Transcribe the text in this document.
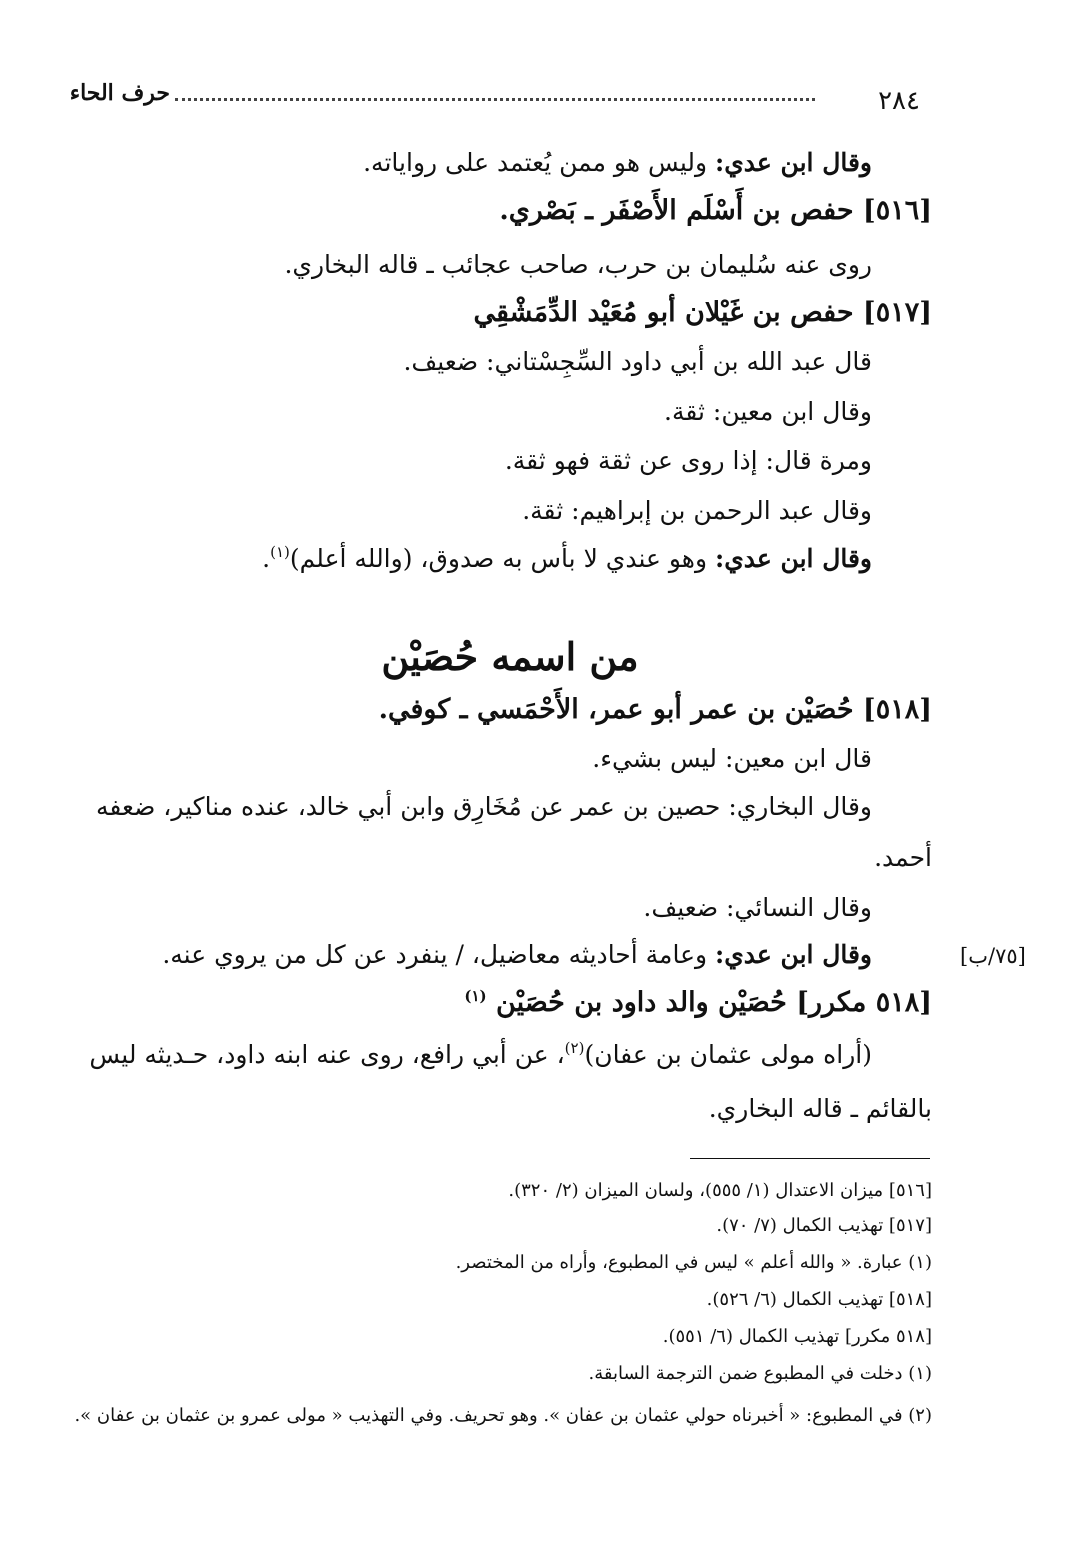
حرف الحاء	٢٨٤
وقال ابن عدي: وليس هو ممن يُعتمد على رواياته.
[٥١٦] حفص بن أَسْلَم الأَصْفَر ـ بَصْري.
روى عنه سُليمان بن حرب، صاحب عجائب ـ قاله البخاري.
[٥١٧] حفص بن غَيْلان أبو مُعَيْد الدِّمَشْقِي
قال عبد الله بن أبي داود السِّجِسْتاني: ضعيف.
وقال ابن معين: ثقة.
ومرة قال: إذا روى عن ثقة فهو ثقة.
وقال عبد الرحمن بن إبراهيم: ثقة.
وقال ابن عدي: وهو عندي لا بأس به صدوق، (والله أعلم)$^{(١)}$.
من اسمه حُصَيْن
[٥١٨] حُصَيْن بن عمر أبو عمر، الأَحْمَسي ـ كوفي.
قال ابن معين: ليس بشيء.
وقال البخاري: حصين بن عمر عن مُخَارِق وابن أبي خالد، عنده مناكير، ضعفه
أحمد.
وقال النسائي: ضعيف.
وقال ابن عدي: وعامة أحاديثه معاضيل، / ينفرد عن كل من يروي عنه.	[٧٥/ب]
[٥١٨ مكرر] حُصَيْن والد داود بن حُصَيْن $^{(١)}$
(أراه مولى عثمان بن عفان)$^{(٢)}$، عن أبي رافع، روى عنه ابنه داود، حـديثه ليس
بالقائم ـ قاله البخاري.
[٥١٦] ميزان الاعتدال (١/ ٥٥٥)، ولسان الميزان (٢/ ٣٢٠).
[٥١٧] تهذيب الكمال (٧/ ٧٠).
(١) عبارة. « والله أعلم » ليس في المطبوع، وأراه من المختصر.
[٥١٨] تهذيب الكمال (٦/ ٥٢٦).
[٥١٨ مكرر] تهذيب الكمال (٦/ ٥٥١).
(١) دخلت في المطبوع ضمن الترجمة السابقة.
(٢) في المطبوع: « أخبرناه حولي عثمان بن عفان ». وهو تحريف. وفي التهذيب « مولى عمرو بن عثمان بن عفان ».
